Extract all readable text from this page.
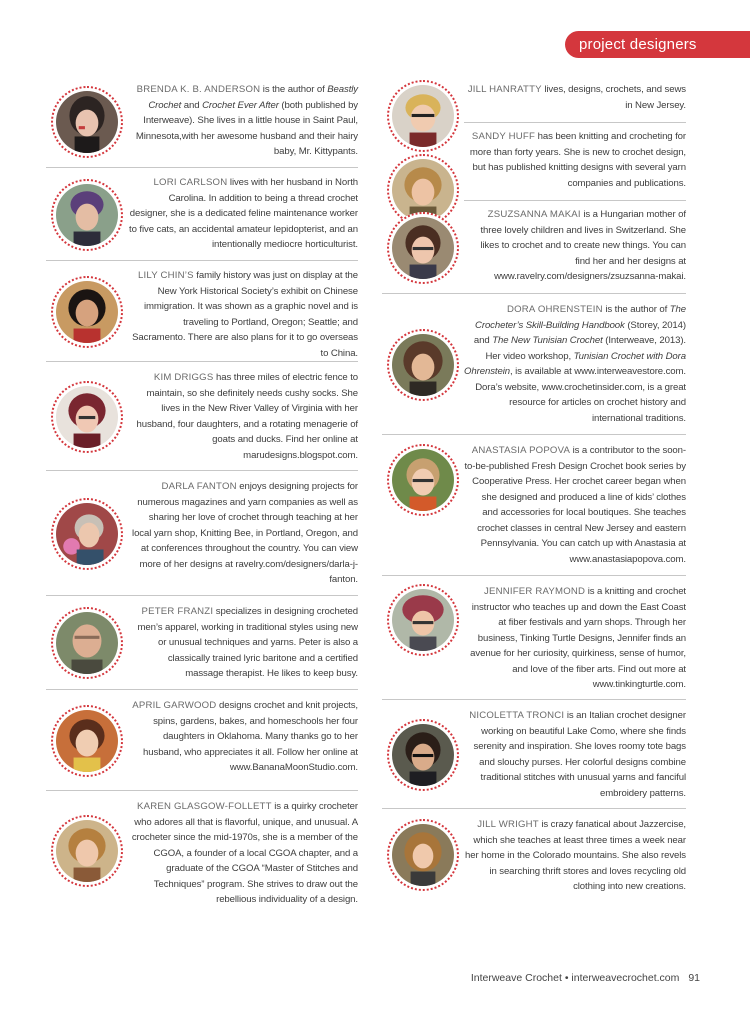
project designers
BRENDA K. B. ANDERSON is the author of Beastly Crochet and Crochet Ever After (both published by Interweave). She lives in a little house in Saint Paul, Minnesota,with her awesome husband and their hairy baby, Mr. Kittypants.
LORI CARLSON lives with her husband in North Carolina. In addition to being a thread crochet designer, she is a dedicated feline maintenance worker to five cats, an accidental amateur lepidopterist, and an intentionally mediocre horticulturist.
LILY CHIN’S family history was just on display at the New York Historical Society’s exhibit on Chinese immigration. It was shown as a graphic novel and is traveling to Portland, Oregon; Seattle; and Sacramento. There are also plans for it to go overseas to China.
KIM DRIGGS has three miles of electric fence to maintain, so she definitely needs cushy socks. She lives in the New River Valley of Virginia with her husband, four daughters, and a rotating menagerie of goats and ducks. Find her online at marudesigns.blogspot.com.
DARLA FANTON enjoys designing projects for numerous magazines and yarn companies as well as sharing her love of crochet through teaching at her local yarn shop, Knitting Bee, in Portland, Oregon, and at conferences throughout the country. You can view more of her designs at ravelry.com/designers/darla-j-fanton.
PETER FRANZI specializes in designing crocheted men’s apparel, working in traditional styles using new or unusual techniques and yarns. Peter is also a classically trained lyric baritone and a certified massage therapist. He likes to keep busy.
APRIL GARWOOD designs crochet and knit projects, spins, gardens, bakes, and homeschools her four daughters in Oklahoma. Many thanks go to her husband, who appreciates it all. Follow her online at www.BananaMoonStudio.com.
KAREN GLASGOW-FOLLETT is a quirky crocheter who adores all that is flavorful, unique, and unusual. A crocheter since the mid-1970s, she is a member of the CGOA, a founder of a local CGOA chapter, and a graduate of the CGOA “Master of Stitches and Techniques” program. She strives to draw out the rebellious individuality of a design.
JILL HANRATTY lives, designs, crochets, and sews in New Jersey.
SANDY HUFF has been knitting and crocheting for more than forty years. She is new to crochet design, but has published knitting designs with several yarn companies and publications.
ZSUZSANNA MAKAI is a Hungarian mother of three lovely children and lives in Switzerland. She likes to crochet and to create new things. You can find her and her designs at www.ravelry.com/designers/zsuzsanna-makai.
DORA OHRENSTEIN is the author of The Crocheter’s Skill-Building Handbook (Storey, 2014) and The New Tunisian Crochet (Interweave, 2013). Her video workshop, Tunisian Crochet with Dora Ohrenstein, is available at www.interweavestore.com. Dora’s website, www.crochetinsider.com, is a great resource for articles on crochet history and international traditions.
ANASTASIA POPOVA is a contributor to the soon-to-be-published Fresh Design Crochet book series by Cooperative Press. Her crochet career began when she designed and produced a line of kids’ clothes and accessories for local boutiques. She teaches crochet classes in central New Jersey and eastern Pennsylvania. You can catch up with Anastasia at www.anastasiapopova.com.
JENNIFER RAYMOND is a knitting and crochet instructor who teaches up and down the East Coast at fiber festivals and yarn shops. Through her business, Tinking Turtle Designs, Jennifer finds an avenue for her curiosity, quirkiness, sense of humor, and love of the fiber arts. Find out more at www.tinkingturtle.com.
NICOLETTA TRONCI is an Italian crochet designer working on beautiful Lake Como, where she finds serenity and inspiration. She loves roomy tote bags and slouchy purses. Her colorful designs combine traditional stitches with unusual yarns and fanciful embroidery patterns.
JILL WRIGHT is crazy fanatical about Jazzercise, which she teaches at least three times a week near her home in the Colorado mountains. She also revels in searching thrift stores and loves recycling old clothing into new creations.
Interweave Crochet • interweavecrochet.com 91
